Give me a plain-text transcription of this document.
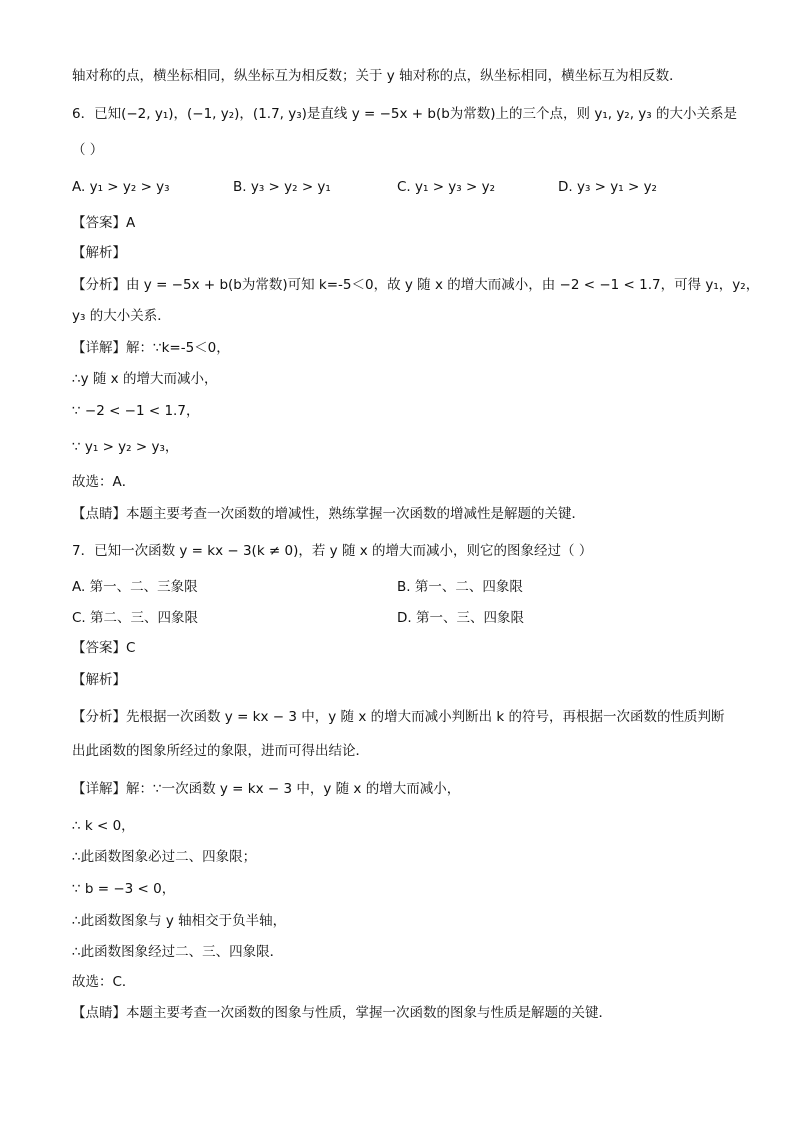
轴对称的点，横坐标相同，纵坐标互为相反数；关于 y 轴对称的点，纵坐标相同，横坐标互为相反数．
6．已知(−2, y₁)，(−1, y₂)，(1.7, y₃)是直线 y = −5x + b(b为常数)上的三个点，则 y₁, y₂, y₃ 的大小关系是
（ ）
A. y₁ > y₂ > y₃	B. y₃ > y₂ > y₁	C. y₁ > y₃ > y₂	D. y₃ > y₁ > y₂
【答案】A
【解析】
【分析】由 y = −5x + b(b为常数)可知 k=-5＜0，故 y 随 x 的增大而减小，由 −2 < −1 < 1.7，可得 y₁，y₂，
y₃ 的大小关系．
【详解】解：∵k=-5＜0，
∴y 随 x 的增大而减小，
∵ −2 < −1 < 1.7，
∵ y₁ > y₂ > y₃，
故选：A．
【点睛】本题主要考查一次函数的增减性，熟练掌握一次函数的增减性是解题的关键．
7．已知一次函数 y = kx − 3(k ≠ 0)，若 y 随 x 的增大而减小，则它的图象经过（ ）
A. 第一、二、三象限	B. 第一、二、四象限
C. 第二、三、四象限	D. 第一、三、四象限
【答案】C
【解析】
【分析】先根据一次函数 y = kx − 3 中，y 随 x 的增大而减小判断出 k 的符号，再根据一次函数的性质判断
出此函数的图象所经过的象限，进而可得出结论．
【详解】解：∵一次函数 y = kx − 3 中，y 随 x 的增大而减小，
∴ k < 0，
∴此函数图象必过二、四象限；
∵ b = −3 < 0，
∴此函数图象与 y 轴相交于负半轴，
∴此函数图象经过二、三、四象限．
故选：C．
【点睛】本题主要考查一次函数的图象与性质，掌握一次函数的图象与性质是解题的关键．
